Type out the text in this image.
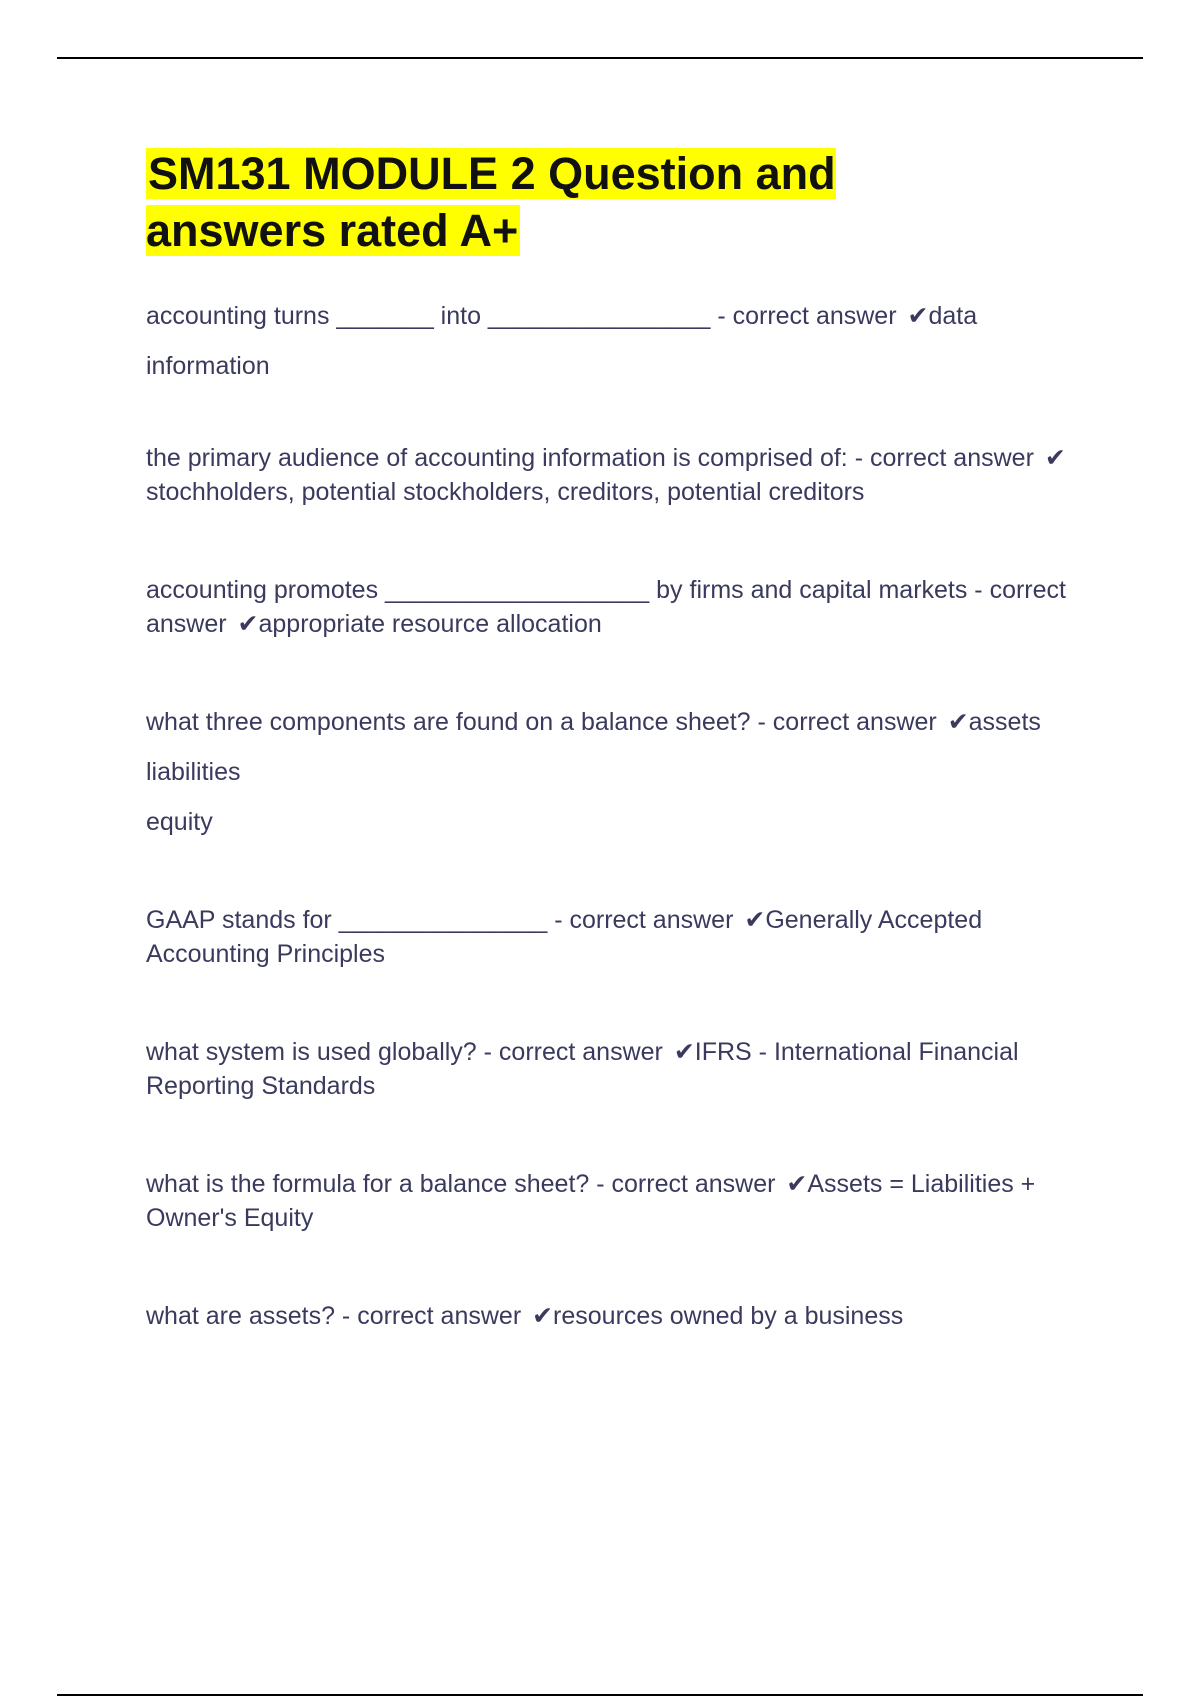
SM131 MODULE 2 Question and
answers rated A+

accounting turns _______ into ________________ - correct answer ✔data
information

the primary audience of accounting information is comprised of: - correct answer ✔stochholders, potential stockholders, creditors, potential creditors

accounting promotes ___________________ by firms and capital markets - correct answer ✔appropriate resource allocation

what three components are found on a balance sheet? - correct answer ✔assets
liabilities
equity

GAAP stands for _______________ - correct answer ✔Generally Accepted Accounting Principles

what system is used globally? - correct answer ✔IFRS - International Financial Reporting Standards

what is the formula for a balance sheet? - correct answer ✔Assets = Liabilities + Owner's Equity

what are assets? - correct answer ✔resources owned by a business
